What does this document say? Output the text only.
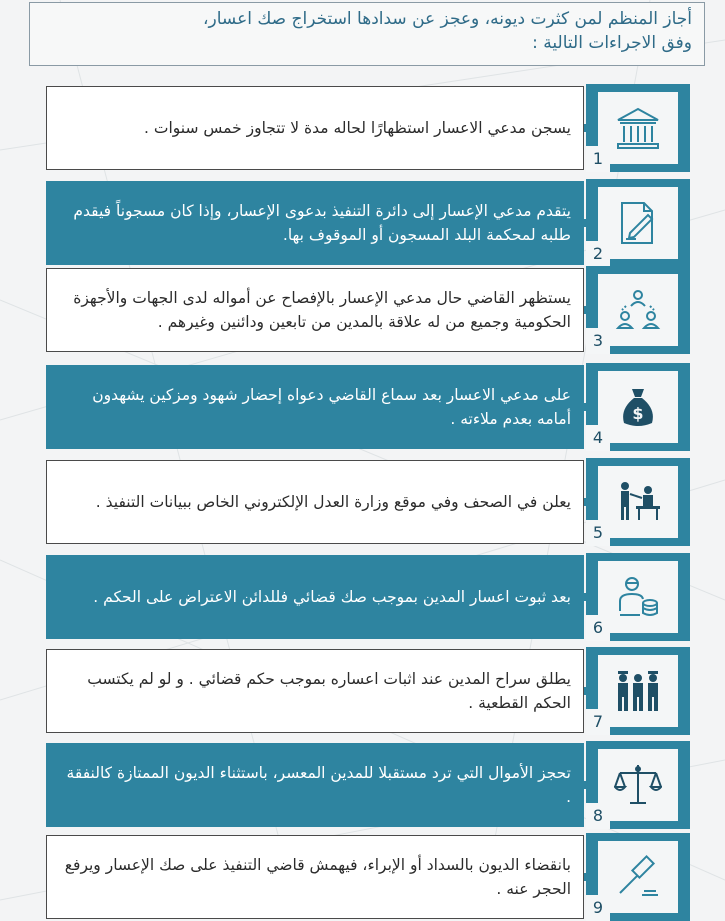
أجاز المنظم لمن كثرت ديونه، وعجز عن سدادها استخراج صك اعسار،
وفق الاجراءات التالية :
يسجن مدعي الاعسار استظهارًا لحاله مدة لا تتجاوز خمس سنوات .
1
يتقدم مدعي الإعسار إلى دائرة التنفيذ بدعوى الإعسار، وإذا كان مسجوناً فيقدم طلبه لمحكمة البلد المسجون أو الموقوف بها.
2
يستظهر القاضي حال مدعي الإعسار بالإفصاح عن أمواله لدى الجهات والأجهزة الحكومية وجميع من له علاقة بالمدين من تابعين ودائنين وغيرهم .
3
على مدعي الاعسار بعد سماع القاضي دعواه إحضار شهود ومزكين يشهدون أمامه بعدم ملاءته .	$
4
يعلن في الصحف وفي موقع وزارة العدل الإلكتروني الخاص ببيانات التنفيذ .
5
بعد ثبوت اعسار المدين بموجب صك قضائي فللدائن الاعتراض على الحكم .
6
يطلق سراح المدين عند اثبات اعساره بموجب حكم قضائي . و لو لم يكتسب الحكم القطعية .
7
تحجز الأموال التي ترد مستقبلا للمدين المعسر، باستثناء الديون الممتازة كالنفقة .
8
بانقضاء الديون بالسداد أو الإبراء، فيهمش قاضي التنفيذ على صك الإعسار ويرفع الحجر عنه .
9
